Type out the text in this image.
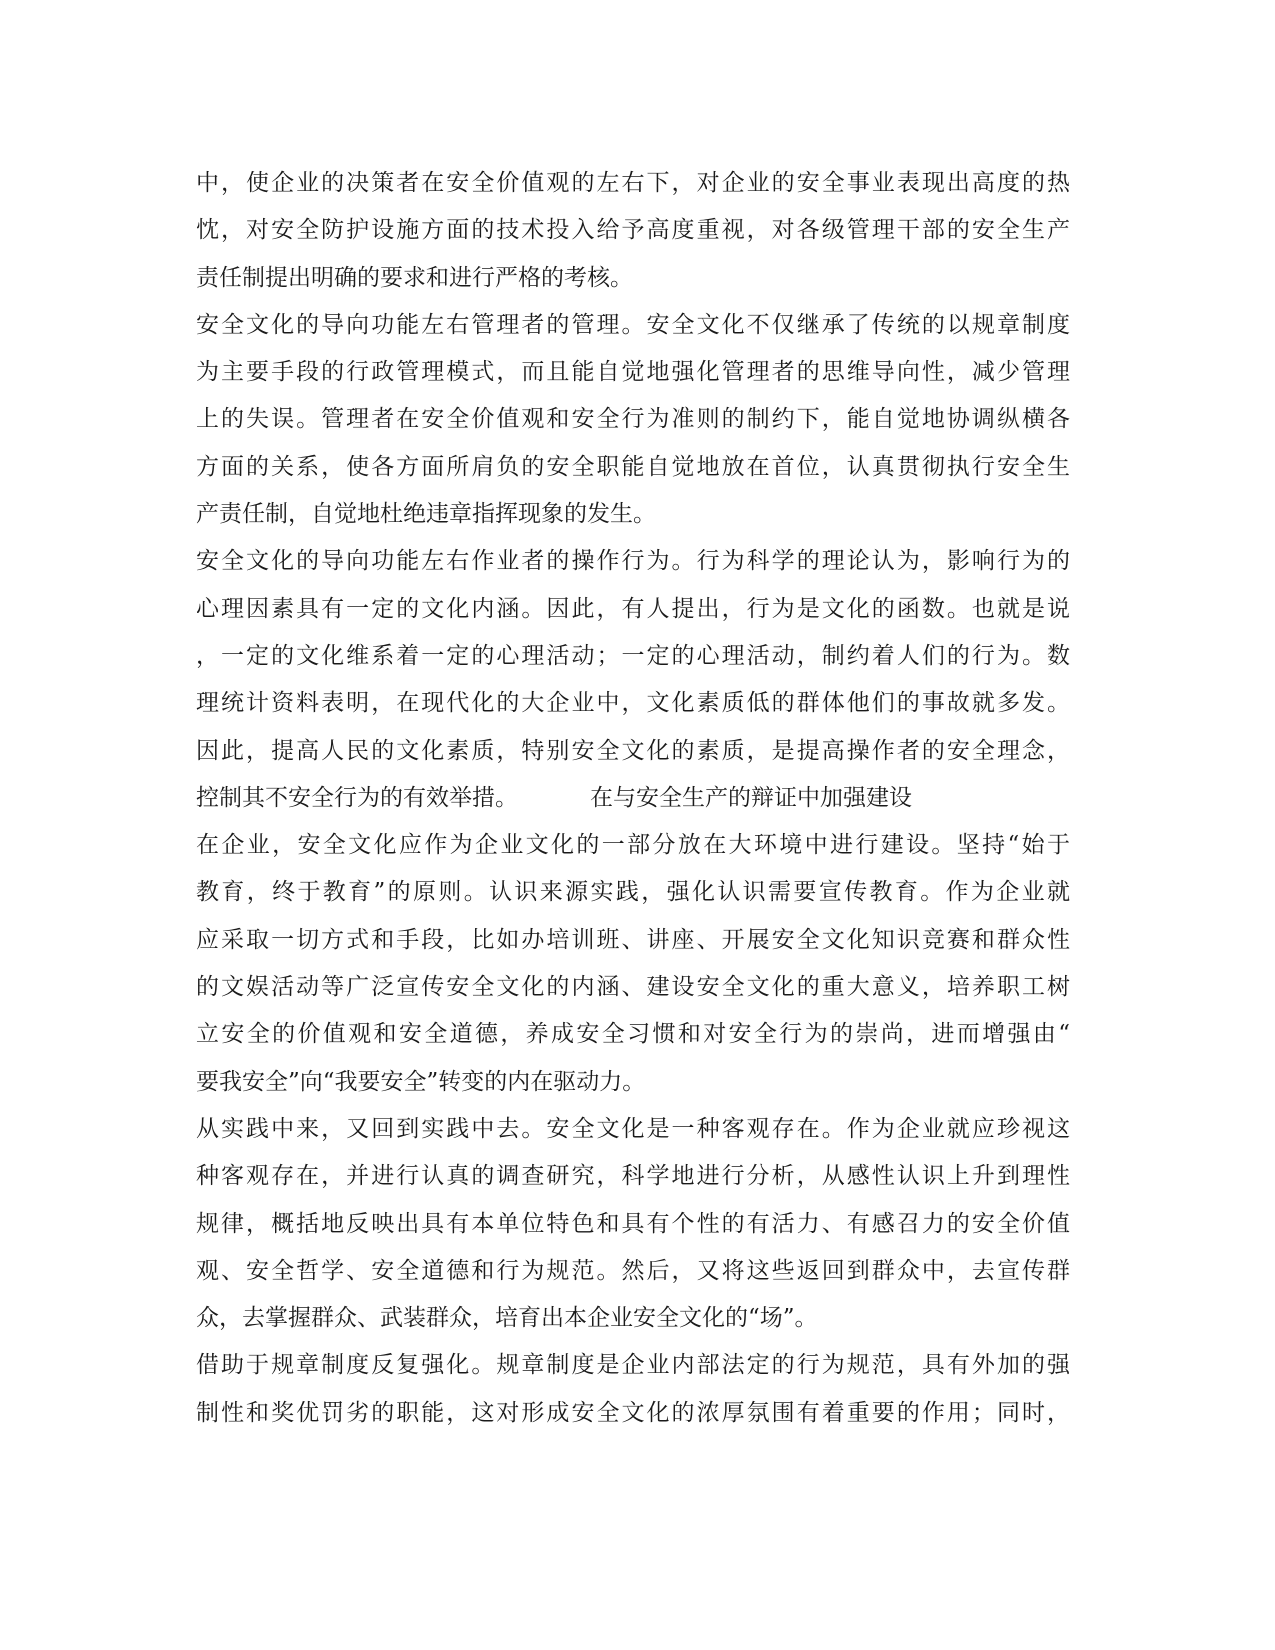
中，使企业的决策者在安全价值观的左右下，对企业的安全事业表现出高度的热
忱，对安全防护设施方面的技术投入给予高度重视，对各级管理干部的安全生产
责任制提出明确的要求和进行严格的考核。
安全文化的导向功能左右管理者的管理。安全文化不仅继承了传统的以规章制度
为主要手段的行政管理模式，而且能自觉地强化管理者的思维导向性，减少管理
上的失误。管理者在安全价值观和安全行为准则的制约下，能自觉地协调纵横各
方面的关系，使各方面所肩负的安全职能自觉地放在首位，认真贯彻执行安全生
产责任制，自觉地杜绝违章指挥现象的发生。
安全文化的导向功能左右作业者的操作行为。行为科学的理论认为，影响行为的
心理因素具有一定的文化内涵。因此，有人提出，行为是文化的函数。也就是说
，一定的文化维系着一定的心理活动；一定的心理活动，制约着人们的行为。数
理统计资料表明，在现代化的大企业中，文化素质低的群体他们的事故就多发。
因此，提高人民的文化素质，特别安全文化的素质，是提高操作者的安全理念，
控制其不安全行为的有效举措。	在与安全生产的辩证中加强建设
在企业，安全文化应作为企业文化的一部分放在大环境中进行建设。坚持“始于
教育，终于教育”的原则。认识来源实践，强化认识需要宣传教育。作为企业就
应采取一切方式和手段，比如办培训班、讲座、开展安全文化知识竞赛和群众性
的文娱活动等广泛宣传安全文化的内涵、建设安全文化的重大意义，培养职工树
立安全的价值观和安全道德，养成安全习惯和对安全行为的崇尚，进而增强由“
要我安全”向“我要安全”转变的内在驱动力。
从实践中来，又回到实践中去。安全文化是一种客观存在。作为企业就应珍视这
种客观存在，并进行认真的调查研究，科学地进行分析，从感性认识上升到理性
规律，概括地反映出具有本单位特色和具有个性的有活力、有感召力的安全价值
观、安全哲学、安全道德和行为规范。然后，又将这些返回到群众中，去宣传群
众，去掌握群众、武装群众，培育出本企业安全文化的“场”。
借助于规章制度反复强化。规章制度是企业内部法定的行为规范，具有外加的强
制性和奖优罚劣的职能，这对形成安全文化的浓厚氛围有着重要的作用；同时，
